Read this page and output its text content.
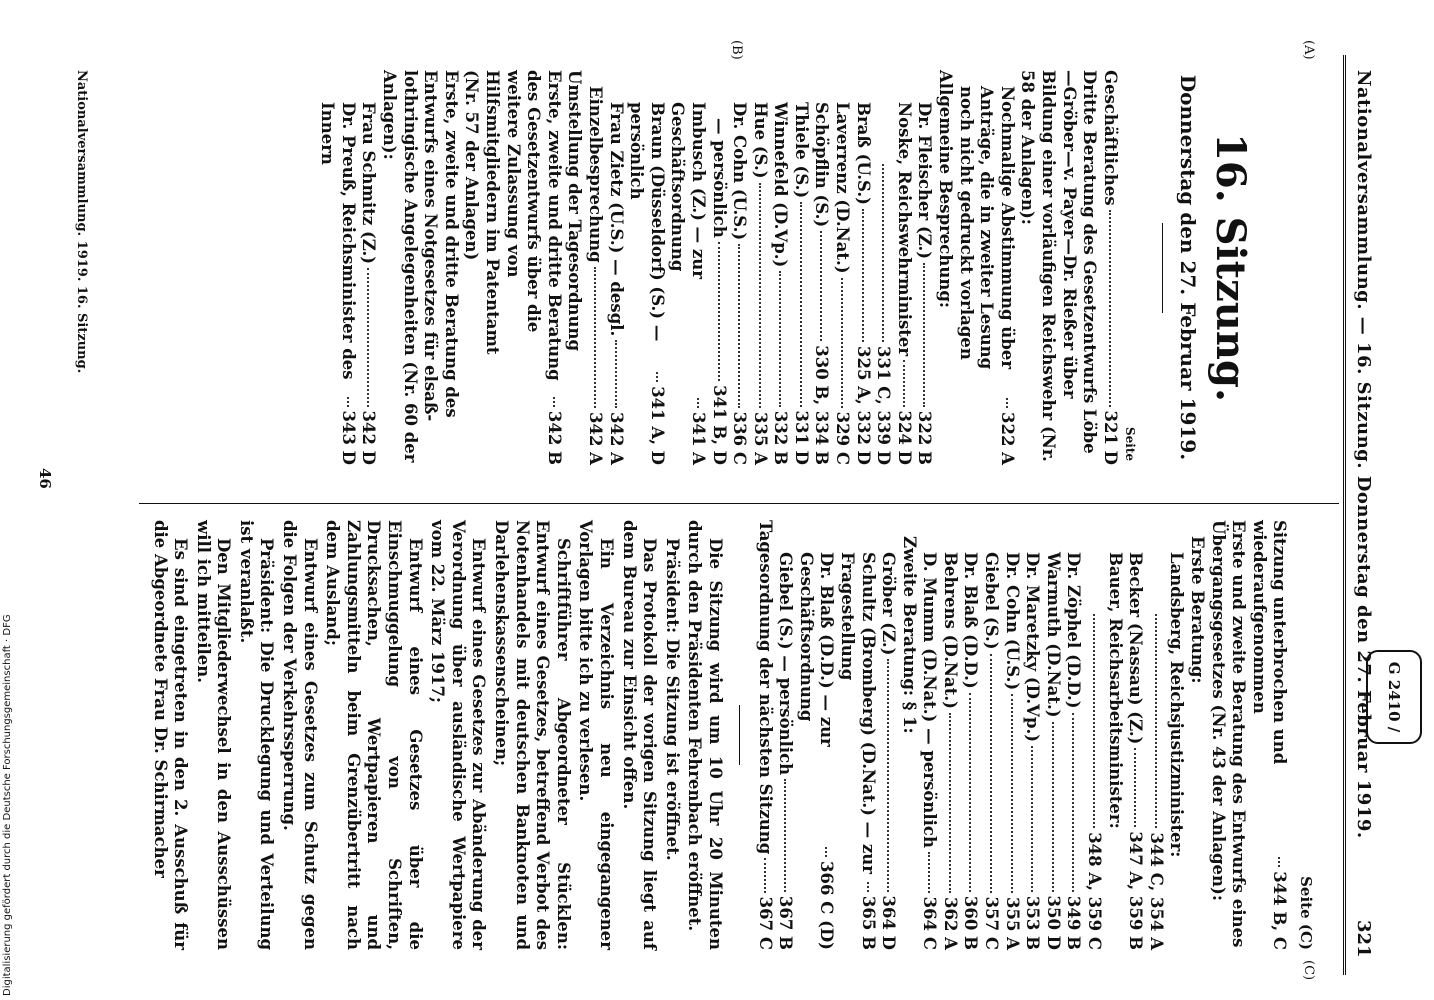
(A)
(B)
(C)
Nationalversammlung. — 16. Sitzung. Donnerstag den 27. Februar 1919.
321
G 2410 /
16. Sitzung.
Donnerstag den 27. Februar 1919.
Seite
Geschäftliches
321 D
Dritte Beratung des Gesetzentwurfs Löbe—Gröber—v. Payer—Dr. Rießer über Bildung einer vorläufigen Reichswehr (Nr. 58 der Anlagen):
Nochmalige Abstimmung über Anträge, die in zweiter Lesung noch nicht gedruckt vorlagen
322 A
Allgemeine Besprechung:
Dr. Fleischer (Z.)
322 B
Noske, Reichswehrminister
324 D
331 C, 339 D
Braß (U.S.)
325 A, 332 D
Laverrenz (D.Nat.)
329 C
Schöpflin (S.)
330 B, 334 B
Thiele (S.)
331 D
Winnefeld (D.Vp.)
332 B
Hue (S.)
335 A
Dr. Cohn (U.S.)
336 C
— persönlich
341 B, D
Imbusch (Z.) — zur Geschäftsordnung
341 A
Braun (Düsseldorf) (S.) — persönlich
341 A, D
Frau Zietz (U.S.) — desgl.
342 A
Einzelbesprechung
342 A
Umstellung der Tagesordnung
Erste, zweite und dritte Beratung des Gesetzentwurfs über die weitere Zulassung von Hilfsmitgliedern im Patentamt (Nr. 57 der Anlagen)
342 B
Erste, zweite und dritte Beratung des Entwurfs eines Notgesetzes für elsaß-lothringische Angelegenheiten (Nr. 60 der Anlagen):
Frau Schmitz (Z.)
342 D
Dr. Preuß, Reichsminister des Innern
343 D
Seite (C)
Sitzung unterbrochen und wiederaufgenommen
344 B, C
Erste und zweite Beratung des Entwurfs eines Übergangsgesetzes (Nr. 43 der Anlagen):
Erste Beratung:
Landsberg, Reichsjustizminister:
344 C, 354 A
Becker (Nassau) (Z.)
347 A, 359 B
Bauer, Reichsarbeitsminister:
348 A, 359 C
Dr. Zöphel (D.D.)
349 B
Warmuth (D.Nat.)
350 D
Dr. Maretzky (D.Vp.)
353 B
Dr. Cohn (U.S.)
355 A
Giebel (S.)
357 C
Dr. Blaß (D.D.)
360 B
Behrens (D.Nat.)
362 A
D. Mumm (D.Nat.) — persönlich
364 C
Zweite Beratung: § 1:
Gröber (Z.)
364 D
Schultz (Bromberg) (D.Nat.) — zur Fragestellung
365 B
Dr. Blaß (D.D.) — zur Geschäftsordnung
366 C (D)
Giebel (S.) — persönlich
367 B
Tagesordnung der nächsten Sitzung
367 C
Die Sitzung wird um 10 Uhr 20 Minuten durch den Präsidenten Fehrenbach eröffnet.
Präsident: Die Sitzung ist eröffnet.
Das Protokoll der vorigen Sitzung liegt auf dem Bureau zur Einsicht offen.
Ein Verzeichnis neu eingegangener Vorlagen bitte ich zu verlesen.
Schriftführer Abgeordneter Stücklen: Entwurf eines Gesetzes, betreffend Verbot des Notenhandels mit deutschen Banknoten und Darlehenskassenscheinen;
Entwurf eines Gesetzes zur Abänderung der Verordnung über ausländische Wertpapiere vom 22. März 1917;
Entwurf eines Gesetzes über die Einschmuggelung von Schriften, Drucksachen, Wertpapieren und Zahlungsmitteln beim Grenzübertritt nach dem Ausland;
Entwurf eines Gesetzes zum Schutz gegen die Folgen der Verkehrssperrung.
Präsident: Die Drucklegung und Verteilung ist veranlaßt.
Den Mitgliederwechsel in den Ausschüssen will ich mitteilen.
Es sind eingetreten in den 2. Ausschuß für die Abgeordnete Frau Dr. Schirmacher
Nationalversammlung. 1919. 16. Sitzung.
46
Digitalisierung gefördert durch die Deutsche Forschungsgemeinschaft · DFG
